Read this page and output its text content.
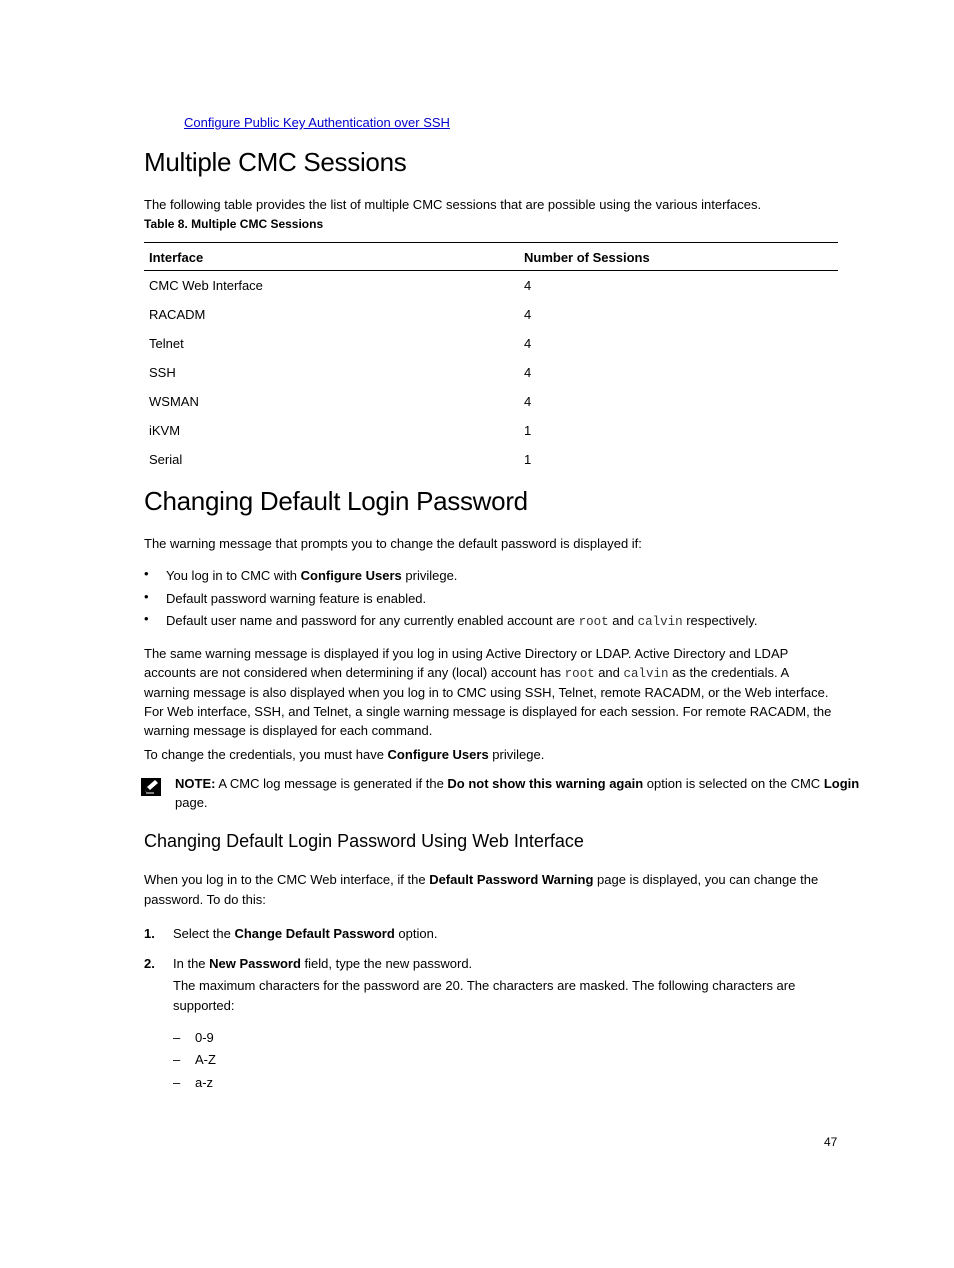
Configure Public Key Authentication over SSH
Multiple CMC Sessions
The following table provides the list of multiple CMC sessions that are possible using the various interfaces.
Table 8. Multiple CMC Sessions
Interface	Number of Sessions
CMC Web Interface	4
RACADM	4
Telnet	4
SSH	4
WSMAN	4
iKVM	1
Serial	1
Changing Default Login Password
The warning message that prompts you to change the default password is displayed if:
• You log in to CMC with Configure Users privilege.
• Default password warning feature is enabled.
• Default user name and password for any currently enabled account are root and calvin respectively.
The same warning message is displayed if you log in using Active Directory or LDAP. Active Directory and LDAP
accounts are not considered when determining if any (local) account has root and calvin as the credentials. A
warning message is also displayed when you log in to CMC using SSH, Telnet, remote RACADM, or the Web interface.
For Web interface, SSH, and Telnet, a single warning message is displayed for each session. For remote RACADM, the
warning message is displayed for each command.
To change the credentials, you must have Configure Users privilege.
NOTE: A CMC log message is generated if the Do not show this warning again option is selected on the CMC Login
page.
Changing Default Login Password Using Web Interface
When you log in to the CMC Web interface, if the Default Password Warning page is displayed, you can change the
password. To do this:
1. Select the Change Default Password option.
2. In the New Password field, type the new password.
The maximum characters for the password are 20. The characters are masked. The following characters are
supported:
– 0-9
– A-Z
– a-z
47
